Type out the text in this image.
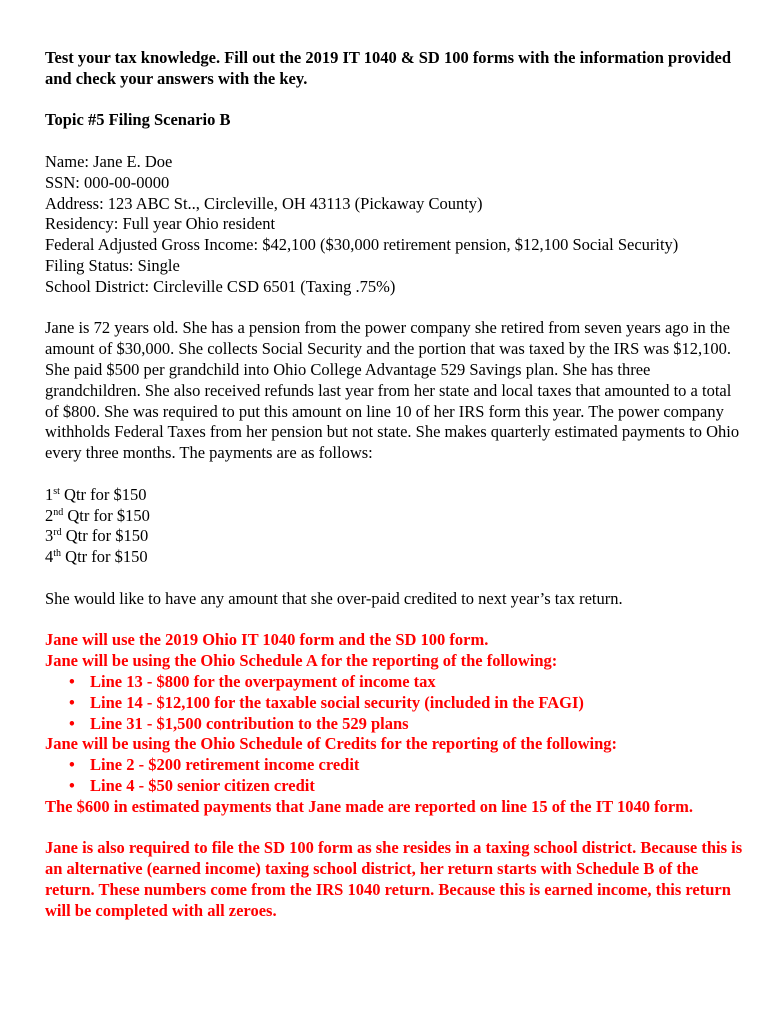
Test your tax knowledge. Fill out the 2019 IT 1040 & SD 100 forms with the information provided and check your answers with the key.

Topic #5 Filing Scenario B

Name: Jane E. Doe

SSN: 000-00-0000

Address: 123 ABC St.., Circleville, OH 43113 (Pickaway County)

Residency: Full year Ohio resident

Federal Adjusted Gross Income: $42,100 ($30,000 retirement pension, $12,100 Social Security)

Filing Status: Single

School District: Circleville CSD 6501 (Taxing .75%)

Jane is 72 years old. She has a pension from the power company she retired from seven years ago in the amount of $30,000. She collects Social Security and the portion that was taxed by the IRS was $12,100. She paid $500 per grandchild into Ohio College Advantage 529 Savings plan. She has three grandchildren. She also received refunds last year from her state and local taxes that amounted to a total of $800. She was required to put this amount on line 10 of her IRS form this year. The power company withholds Federal Taxes from her pension but not state. She makes quarterly estimated payments to Ohio every three months. The payments are as follows:

1st Qtr for $150

2nd Qtr for $150

3rd Qtr for $150

4th Qtr for $150

She would like to have any amount that she over-paid credited to next year’s tax return.

Jane will use the 2019 Ohio IT 1040 form and the SD 100 form.

Jane will be using the Ohio Schedule A for the reporting of the following:

• Line 13 - $800 for the overpayment of income tax
• Line 14 - $12,100 for the taxable social security (included in the FAGI)
• Line 31 - $1,500 contribution to the 529 plans

Jane will be using the Ohio Schedule of Credits for the reporting of the following:

• Line 2 - $200 retirement income credit
• Line 4 - $50 senior citizen credit

The $600 in estimated payments that Jane made are reported on line 15 of the IT 1040 form.

Jane is also required to file the SD 100 form as she resides in a taxing school district. Because this is an alternative (earned income) taxing school district, her return starts with Schedule B of the return. These numbers come from the IRS 1040 return. Because this is earned income, this return will be completed with all zeroes.
